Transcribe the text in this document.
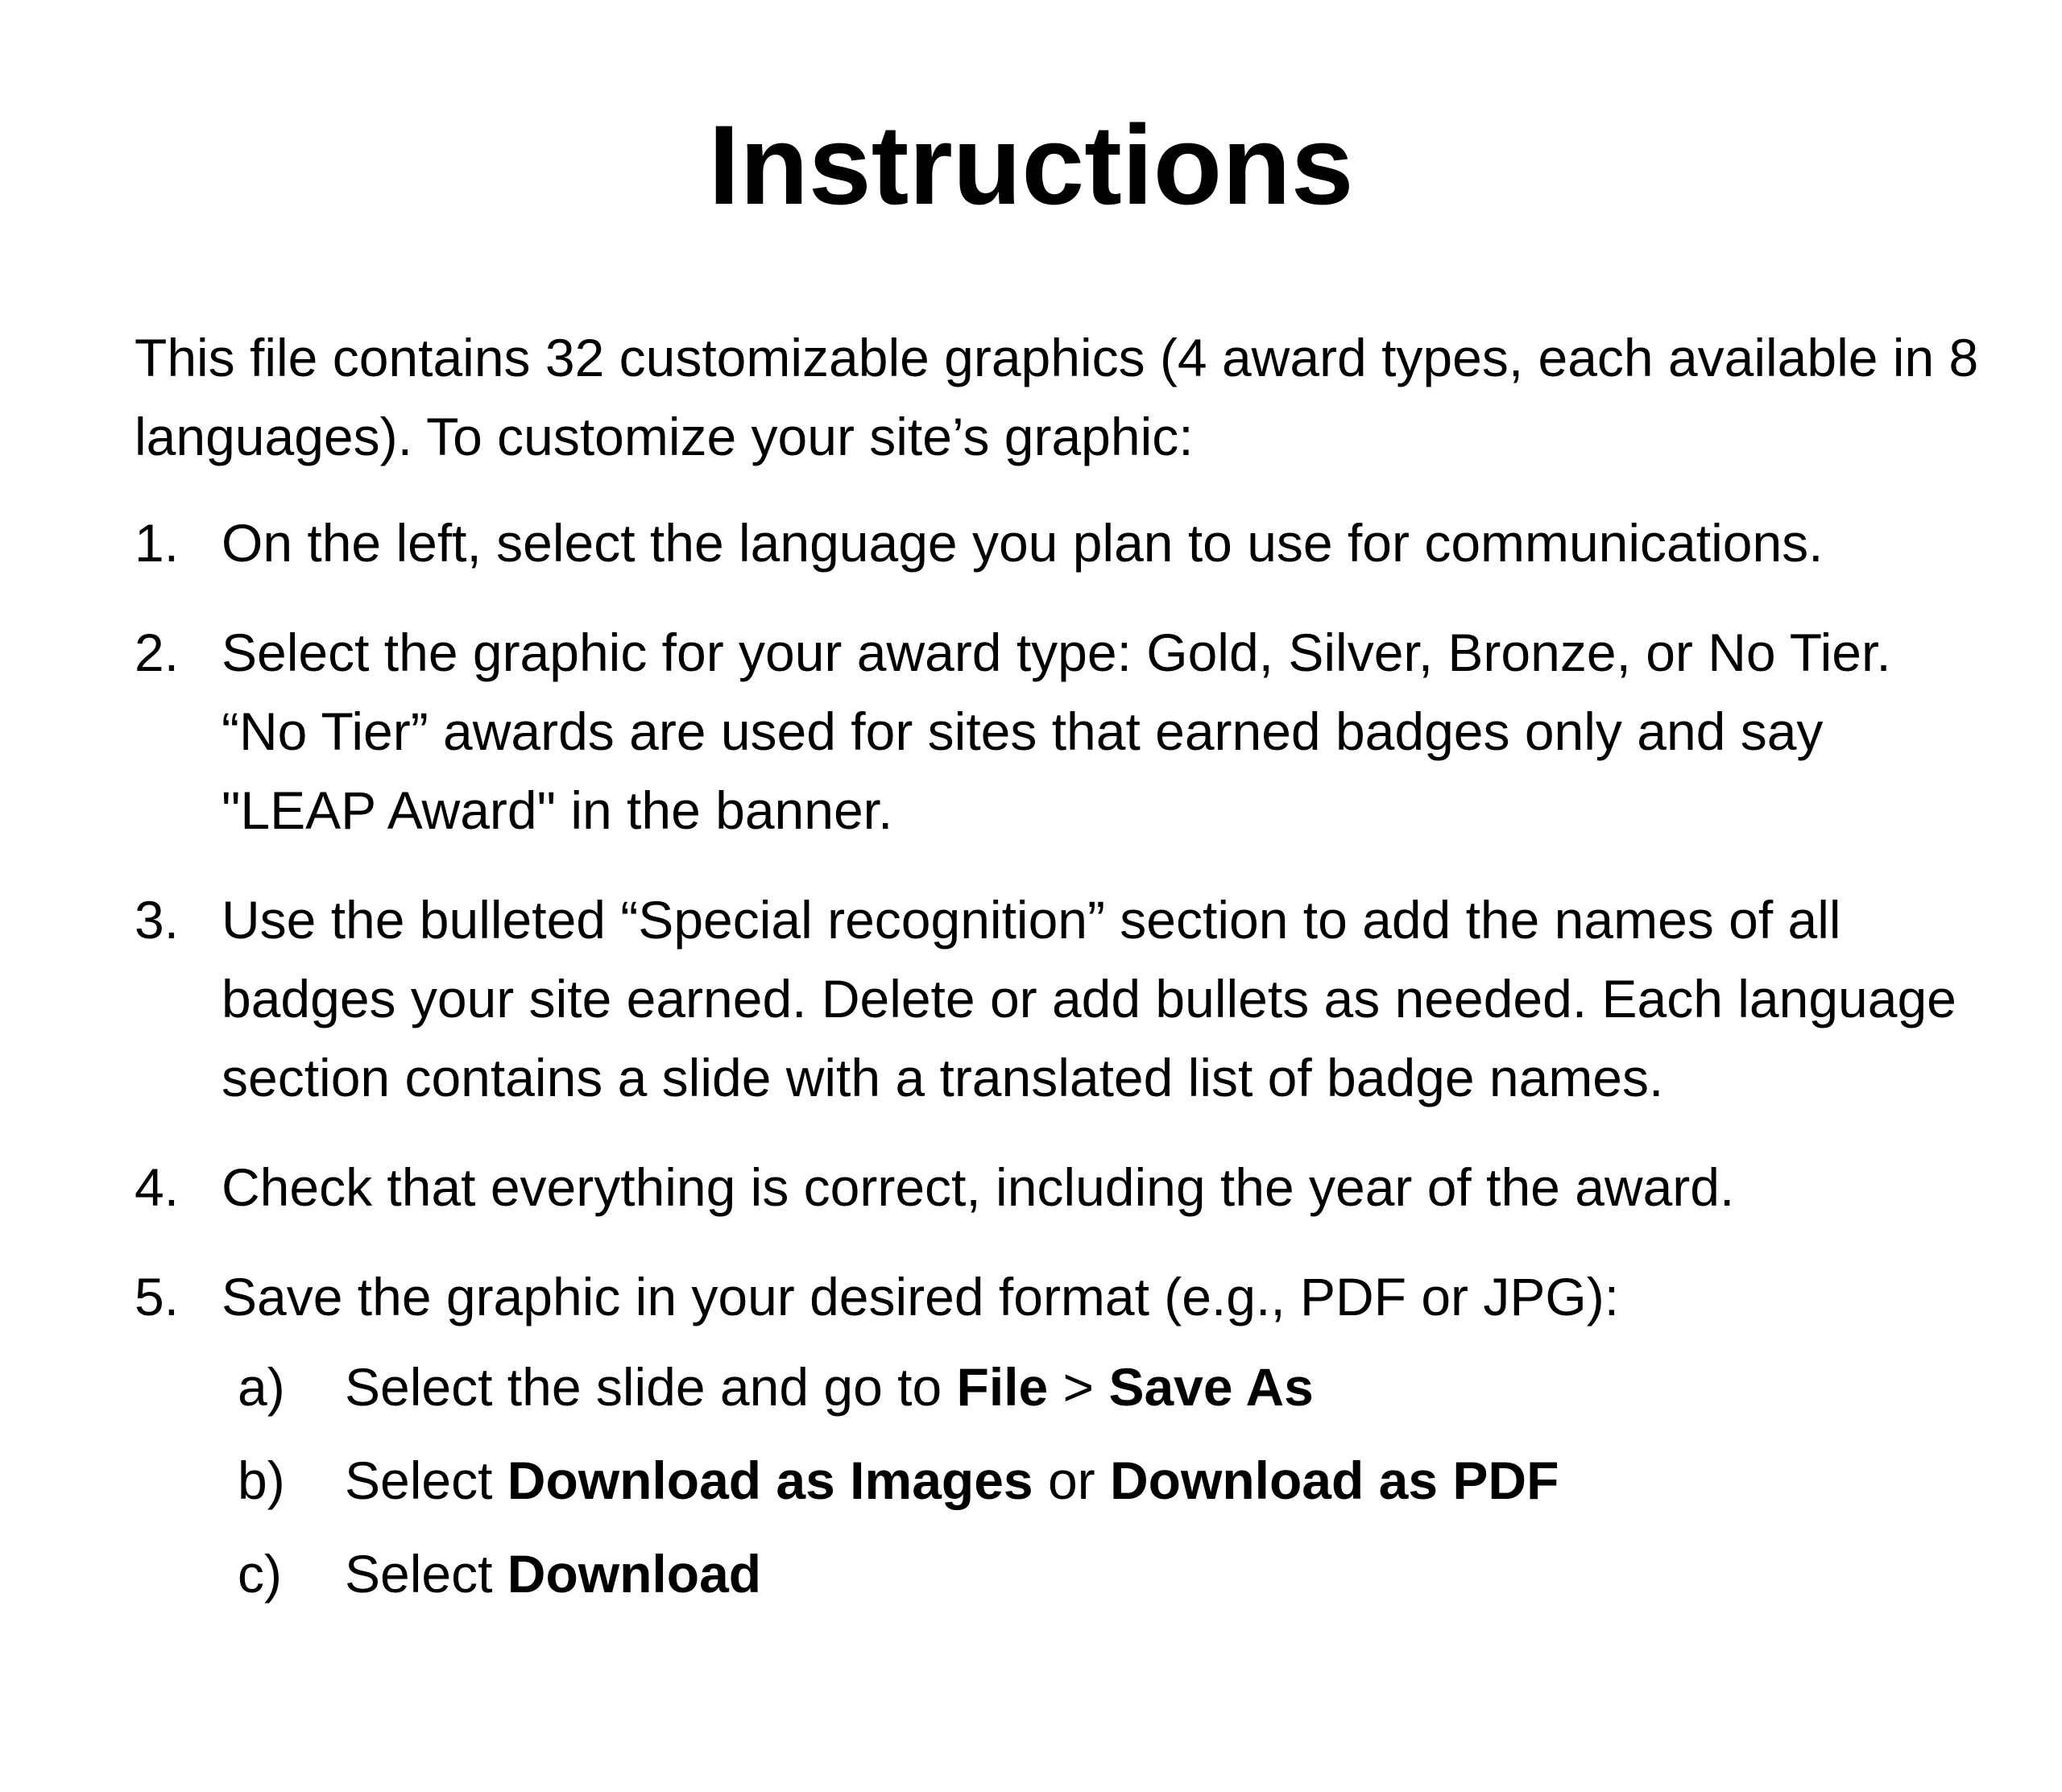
Instructions

This file contains 32 customizable graphics (4 award types, each available in 8 languages). To customize your site’s graphic:

1. On the left, select the language you plan to use for communications.
2. Select the graphic for your award type: Gold, Silver, Bronze, or No Tier. “No Tier” awards are used for sites that earned badges only and say "LEAP Award" in the banner.
3. Use the bulleted “Special recognition” section to add the names of all badges your site earned. Delete or add bullets as needed. Each language section contains a slide with a translated list of badge names.
4. Check that everything is correct, including the year of the award.
5. Save the graphic in your desired format (e.g., PDF or JPG):
a) Select the slide and go to File > Save As
b) Select Download as Images or Download as PDF
c) Select Download
